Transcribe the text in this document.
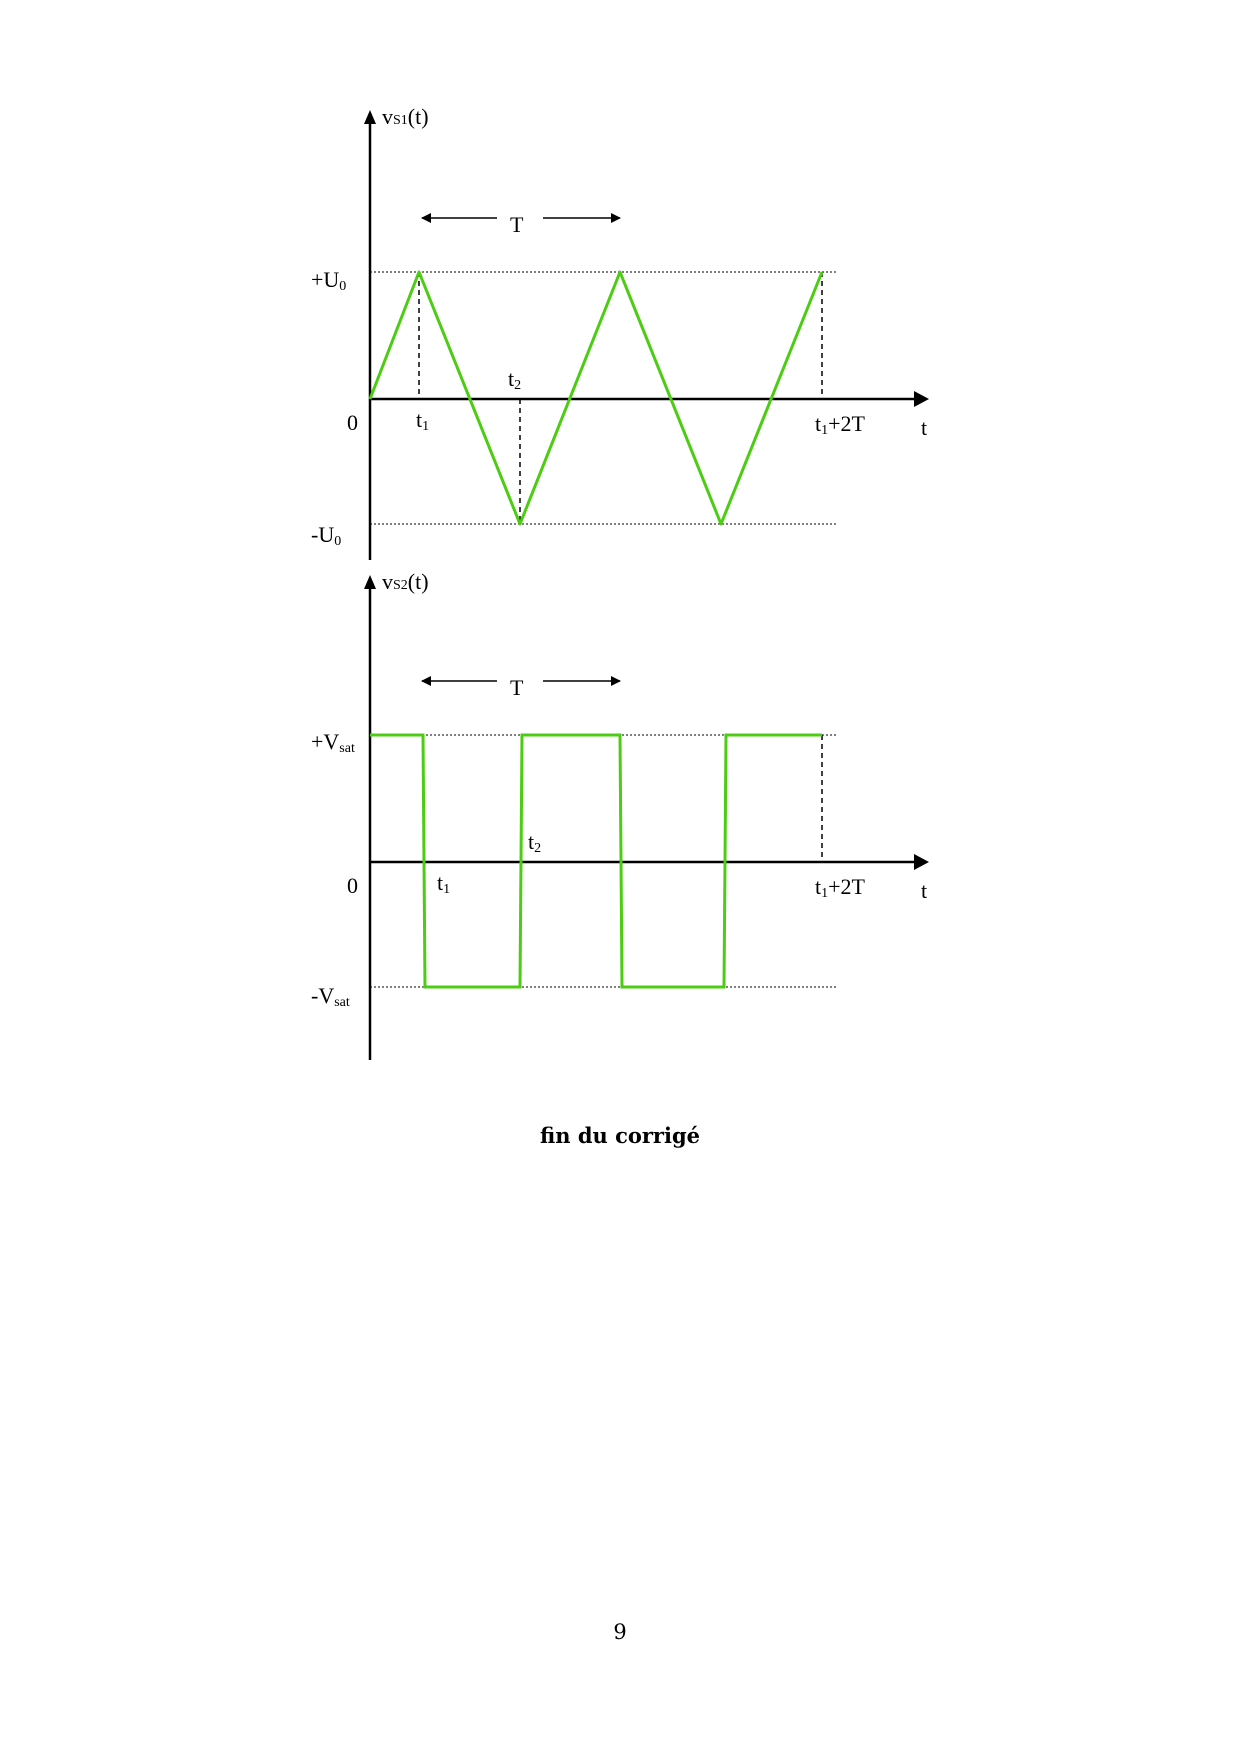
T
vS1(t)
+U0
0
-U0
t1
t2
t1+2T	t
T
vS2(t)
+Vsat
0
-Vsat
t1
t2
t1+2T	t
fin du corrigé
9
